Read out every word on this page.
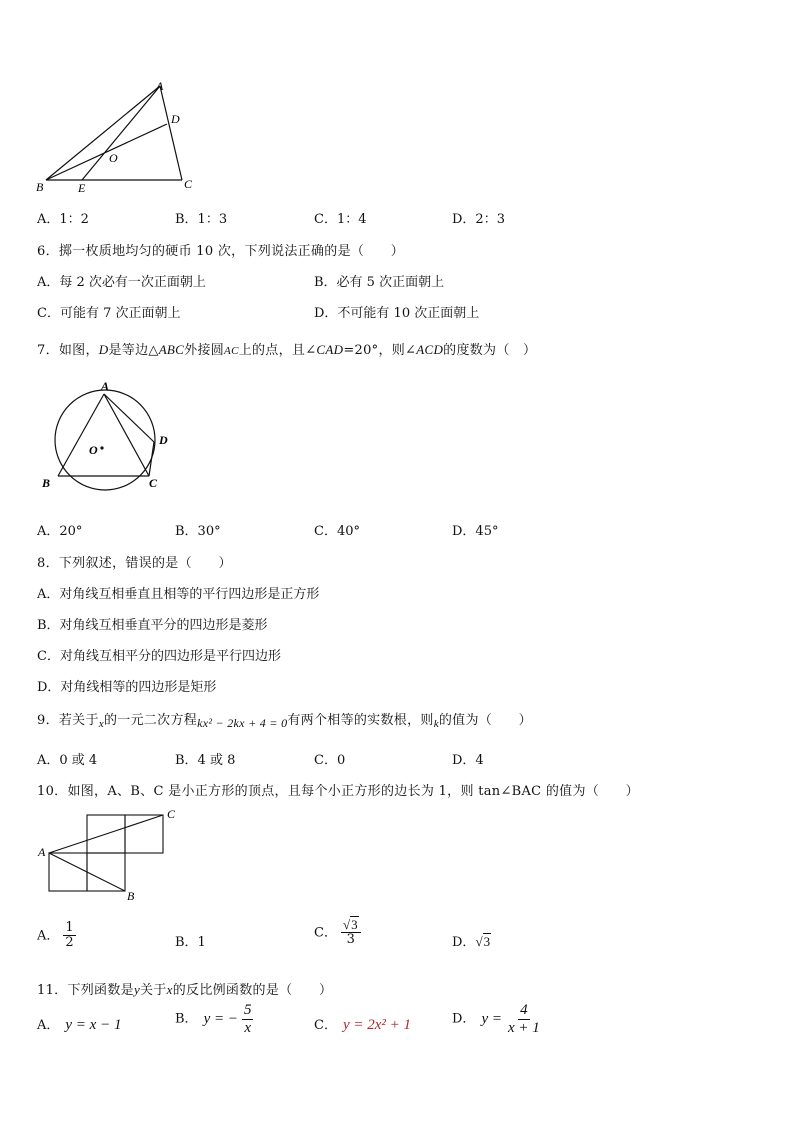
A
D
O
B	E	C
A．1：2	B．1：3	C．1：4	D．2：3
6．掷一枚质地均匀的硬币 10 次，下列说法正确的是（　　）
A．每 2 次必有一次正面朝上	B．必有 5 次正面朝上
C．可能有 7 次正面朝上	D．不可能有 10 次正面朝上
7．如图，D是等边△ABC外接圆AC上的点，且∠CAD=20°，则∠ACD的度数为（　）
A
D
O
B	C
A．20°	B．30°	C．40°	D．45°
8．下列叙述，错误的是（　　）
A．对角线互相垂直且相等的平行四边形是正方形
B．对角线互相垂直平分的四边形是菱形
C．对角线互相平分的四边形是平行四边形
D．对角线相等的四边形是矩形
9．若关于$_x$的一元二次方程kx² − 2kx + 4 = 0有两个相等的实数根，则$_k$的值为（　　）
A．0 或 4	B．4 或 8	C．0	D．4
10．如图，A、B、C 是小正方形的顶点，且每个小正方形的边长为 1，则 tan∠BAC 的值为（　　）
A
C
B
A． $\frac{1}{2}$	B．1
C． $\frac{√3}{3}$	D．√3
11．下列函数是y关于x的反比例函数的是（　　）
A． y = x − 1	B． y = − $\frac{5}{x}$	C． y = 2x² + 1	D． $y = \frac{4}{x + 1}$
